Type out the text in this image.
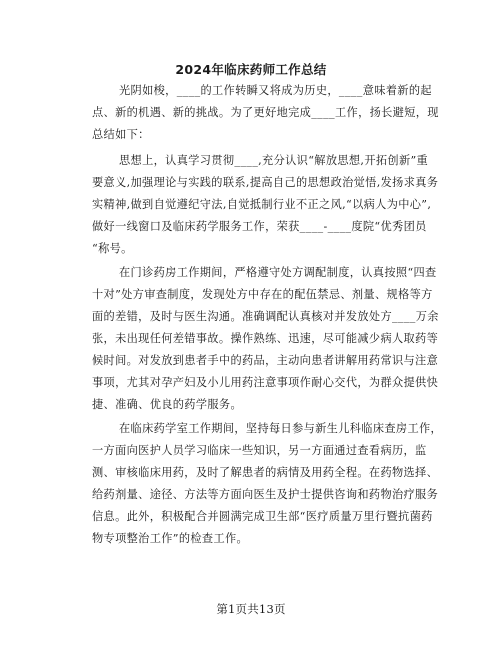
2024年临床药师工作总结
光阴如梭，____的工作转瞬又将成为历史，____意味着新的起
点、新的机遇、新的挑战。为了更好地完成____工作，扬长避短，现
总结如下：
思想上，认真学习贯彻____,充分认识“解放思想,开拓创新”重
要意义,加强理论与实践的联系,提高自己的思想政治觉悟,发扬求真务
实精神,做到自觉遵纪守法,自觉抵制行业不正之风,“以病人为中心”,
做好一线窗口及临床药学服务工作，荣获____-____度院“优秀团员
“称号。
在门诊药房工作期间，严格遵守处方调配制度，认真按照“四查
十对”处方审查制度，发现处方中存在的配伍禁忌、剂量、规格等方
面的差错，及时与医生沟通。准确调配认真核对并发放处方____万余
张，未出现任何差错事故。操作熟练、迅速，尽可能减少病人取药等
候时间。对发放到患者手中的药品，主动向患者讲解用药常识与注意
事项，尤其对孕产妇及小儿用药注意事项作耐心交代，为群众提供快
捷、准确、优良的药学服务。
在临床药学室工作期间，坚持每日参与新生儿科临床查房工作，
一方面向医护人员学习临床一些知识，另一方面通过查看病历，监
测、审核临床用药，及时了解患者的病情及用药全程。在药物选择、
给药剂量、途径、方法等方面向医生及护士提供咨询和药物治疗服务
信息。此外，积极配合并圆满完成卫生部“医疗质量万里行暨抗菌药
物专项整治工作”的检查工作。
第1页共13页
